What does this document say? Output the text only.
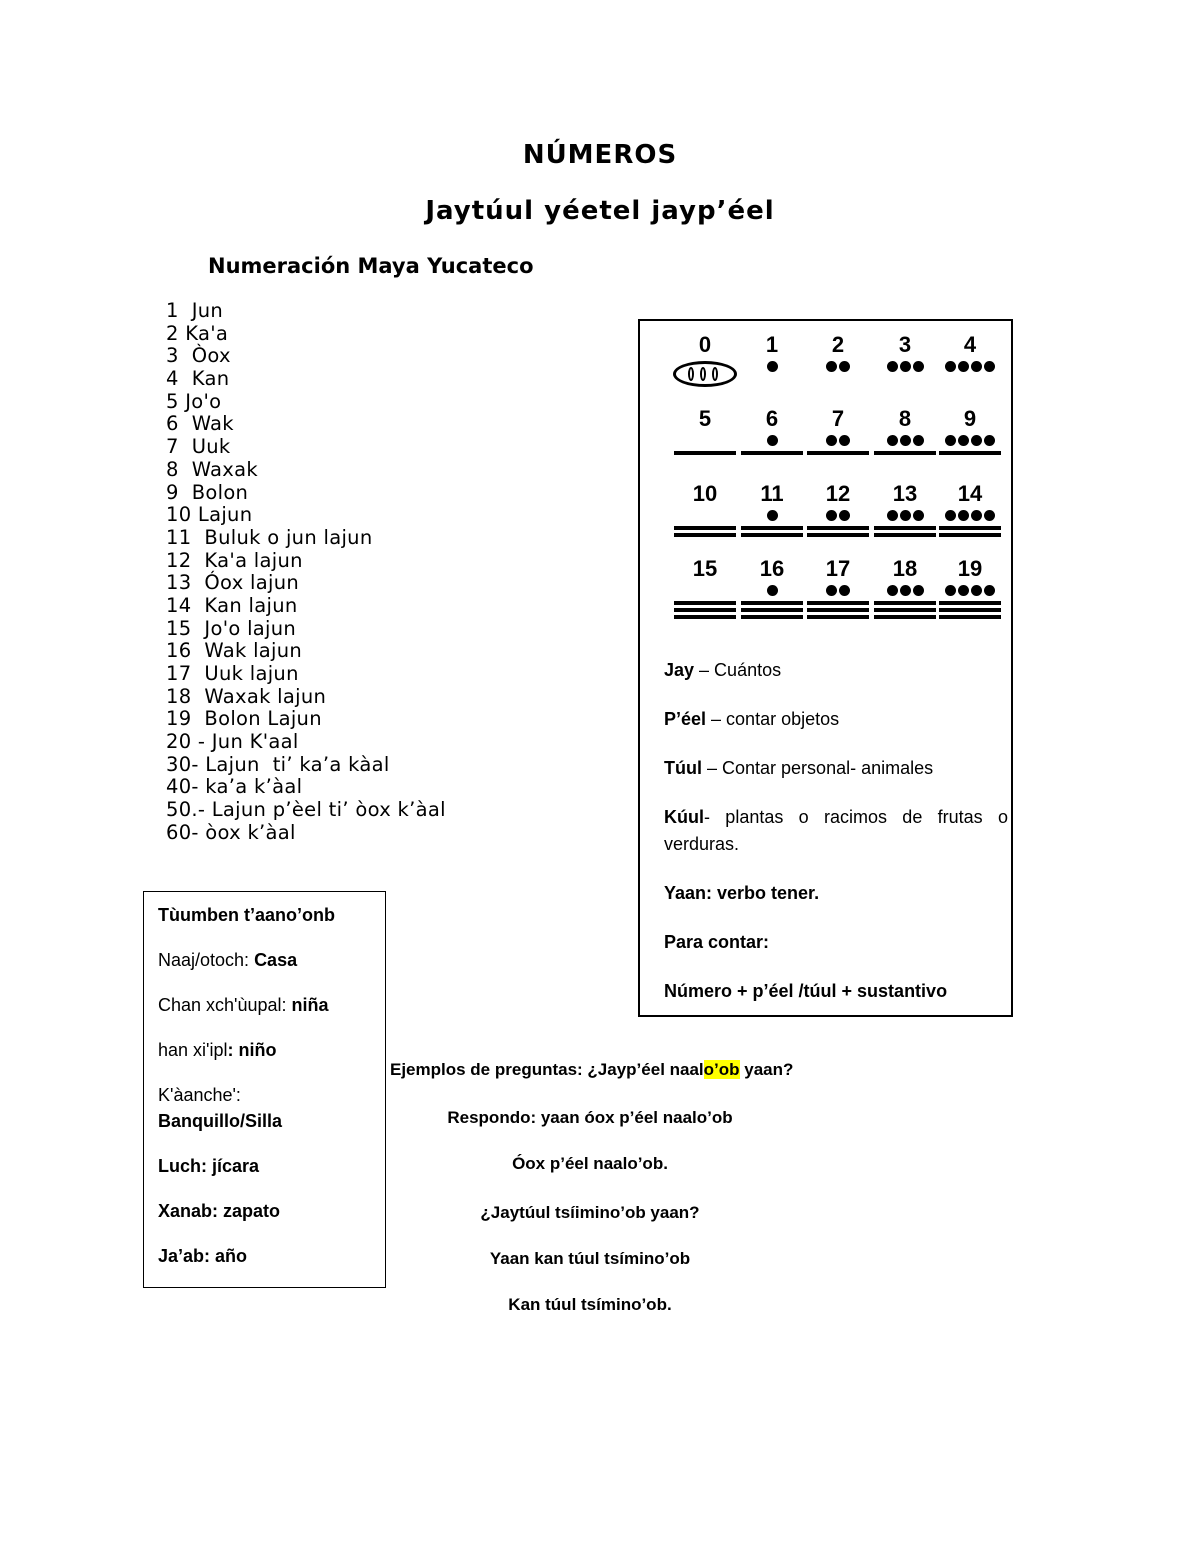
NÚMEROS
Jaytúul yéetel jayp’éel
Numeración Maya Yucateco
1  Jun
2 Ka'a
3  Òox
4  Kan
5 Jo'o
6  Wak
7  Uuk
8  Waxak
9  Bolon
10 Lajun
11  Buluk o jun lajun
12  Ka'a lajun
13  Óox lajun
14  Kan lajun
15  Jo'o lajun
16  Wak lajun
17  Uuk lajun
18  Waxak lajun
19  Bolon Lajun
20 - Jun K'aal
30- Lajun  ti’ ka’a kàal
40- ka’a k’àal
50.- Lajun p’èel ti’ òox k’àal
60- òox k’àal
0	1	2	3	4
5	6	7	8	9
10	11	12	13	14
15	16	17	18	19

Jay – Cuántos

P’éel – contar objetos

Túul – Contar personal- animales

Kúul- plantas o racimos de frutas o verduras.

Yaan: verbo tener.

Para contar:

Número + p’éel /túul + sustantivo

Tùumben t’aano’onb

Naaj/otoch: Casa

Chan xch'ùupal: niña

han xi'ipl: niño

K'àanche':
Banquillo/Silla

Luch: jícara

Xanab: zapato

Ja’ab: año

Ejemplos de preguntas: ¿Jayp’éel naalo’ob yaan?

Respondo: yaan óox p’éel naalo’ob

Óox p’éel naalo’ob.

¿Jaytúul tsíimino’ob yaan?

Yaan kan túul tsímino’ob

Kan túul tsímino’ob.
